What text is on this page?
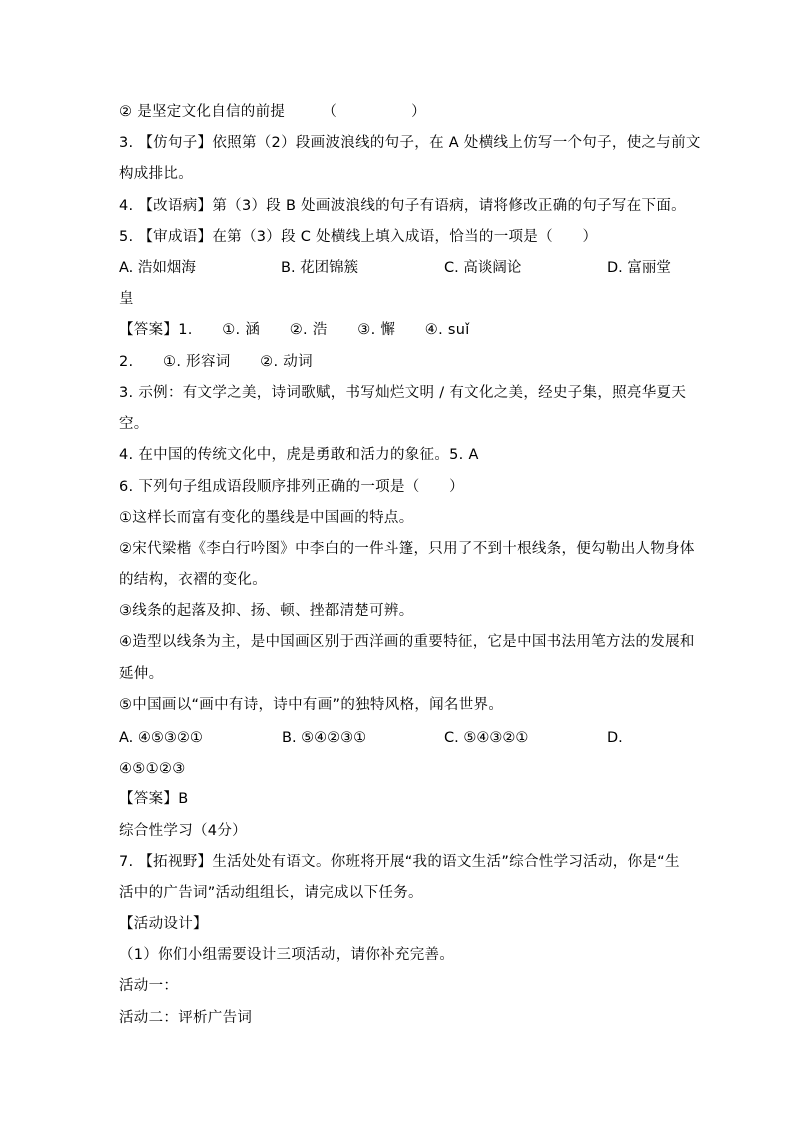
② 是坚定文化自信的前提　　　（　　　　　）
3. 【仿句子】依照第（2）段画波浪线的句子，在 A 处横线上仿写一个句子，使之与前文
构成排比。
4. 【改语病】第（3）段 B 处画波浪线的句子有语病，请将修改正确的句子写在下面。
5. 【审成语】在第（3）段 C 处横线上填入成语，恰当的一项是（　　）
A. 浩如烟海	B. 花团锦簇	C. 高谈阔论	D. 富丽堂
皇
【答案】1.　　①. 涵　　②. 浩　　③. 懈　　④. suǐ
2.　　①. 形容词　　②. 动词
3. 示例：有文学之美，诗词歌赋，书写灿烂文明 / 有文化之美，经史子集，照亮华夏天
空。
4. 在中国的传统文化中，虎是勇敢和活力的象征。5. A
6. 下列句子组成语段顺序排列正确的一项是（　　）
①这样长而富有变化的墨线是中国画的特点。
②宋代梁楷《李白行吟图》中李白的一件斗篷，只用了不到十根线条，便勾勒出人物身体
的结构，衣褶的变化。
③线条的起落及抑、扬、顿、挫都清楚可辨。
④造型以线条为主，是中国画区别于西洋画的重要特征，它是中国书法用笔方法的发展和
延伸。
⑤中国画以“画中有诗，诗中有画”的独特风格，闻名世界。
A. ④⑤③②①	B. ⑤④②③①	C. ⑤④③②①	D.
④⑤①②③
【答案】B
综合性学习（4分）
7. 【拓视野】生活处处有语文。你班将开展“我的语文生活”综合性学习活动，你是“生
活中的广告词”活动组组长，请完成以下任务。
【活动设计】
（1）你们小组需要设计三项活动，请你补充完善。
活动一：
活动二：评析广告词
